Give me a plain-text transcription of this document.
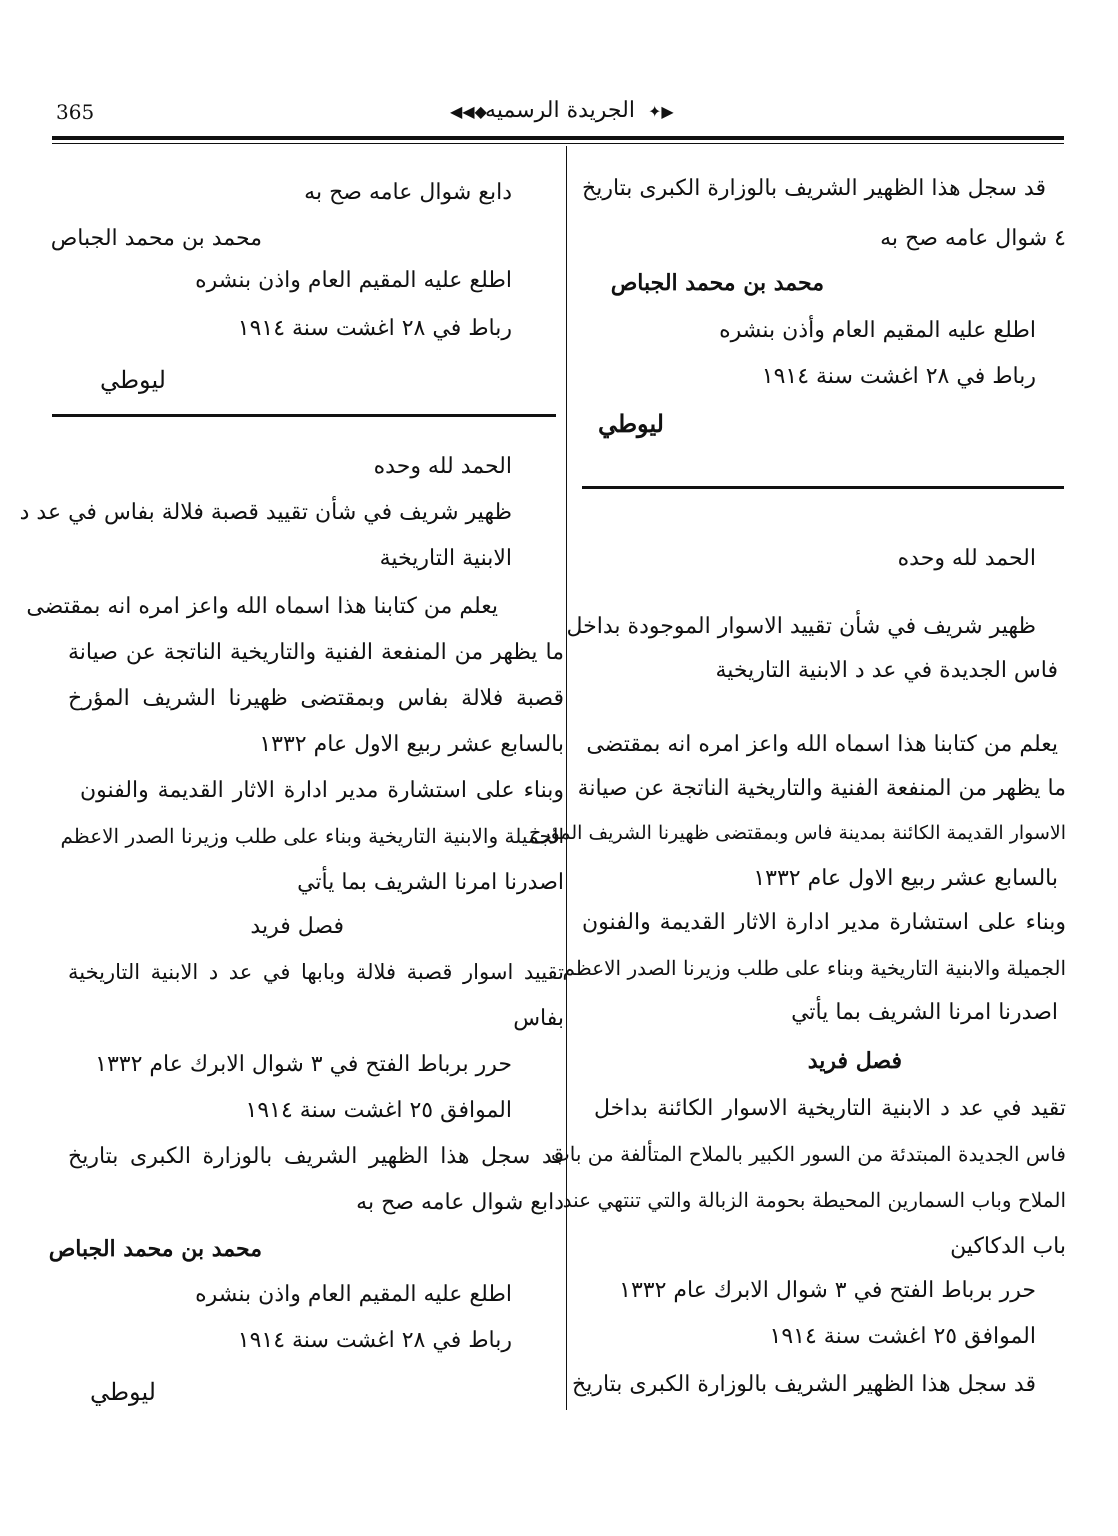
365	◀◀◆
الجريدة الرسميه ✦▶
قد سجل هذا الظهير الشريف بالوزارة الكبرى بتاريخ
٤ شوال عامه صح به
محمد بن محمد الجباص
اطلع عليه المقيم العام وأذن بنشره
رباط في ٢٨ اغشت سنة ١٩١٤
ليوطي
الحمد لله وحده
ظهير شريف في شأن تقييد الاسوار الموجودة بداخل
فاس الجديدة في عد د الابنية التاريخية
يعلم من كتابنا هذا اسماه الله واعز امره انه بمقتضى
ما يظهر من المنفعة الفنية والتاريخية الناتجة عن صيانة
الاسوار القديمة الكائنة بمدينة فاس وبمقتضى ظهيرنا الشريف المؤرخ
بالسابع عشر ربيع الاول عام ١٣٣٢
وبناء على استشارة مدير ادارة الاثار القديمة والفنون
الجميلة والابنية التاريخية وبناء على طلب وزيرنا الصدر الاعظم
اصدرنا امرنا الشريف بما يأتي
فصل فريد
تقيد في عد د الابنية التاريخية الاسوار الكائنة بداخل
فاس الجديدة المبتدئة من السور الكبير بالملاح المتألفة من باب
الملاح وباب السمارين المحيطة بحومة الزبالة والتي تنتهي عند
باب الدكاكين
حرر برباط الفتح في ٣ شوال الابرك عام ١٣٣٢
الموافق ٢٥ اغشت سنة ١٩١٤
قد سجل هذا الظهير الشريف بالوزارة الكبرى بتاريخ
دابع شوال عامه صح به
محمد بن محمد الجباص
اطلع عليه المقيم العام واذن بنشره
رباط في ٢٨ اغشت سنة ١٩١٤
ليوطي
الحمد لله وحده
ظهير شريف في شأن تقييد قصبة فلالة بفاس في عد د
الابنية التاريخية
يعلم من كتابنا هذا اسماه الله واعز امره انه بمقتضى
ما يظهر من المنفعة الفنية والتاريخية الناتجة عن صيانة
قصبة فلالة بفاس وبمقتضى ظهيرنا الشريف المؤرخ
بالسابع عشر ربيع الاول عام ١٣٣٢
وبناء على استشارة مدير ادارة الاثار القديمة والفنون
الجميلة والابنية التاريخية وبناء على طلب وزيرنا الصدر الاعظم
اصدرنا امرنا الشريف بما يأتي
فصل فريد
تقييد اسوار قصبة فلالة وبابها في عد د الابنية التاريخية
بفاس
حرر برباط الفتح في ٣ شوال الابرك عام ١٣٣٢
الموافق ٢٥ اغشت سنة ١٩١٤
قد سجل هذا الظهير الشريف بالوزارة الكبرى بتاريخ
دابع شوال عامه صح به
محمد بن محمد الجباص
اطلع عليه المقيم العام واذن بنشره
رباط في ٢٨ اغشت سنة ١٩١٤
ليوطي
